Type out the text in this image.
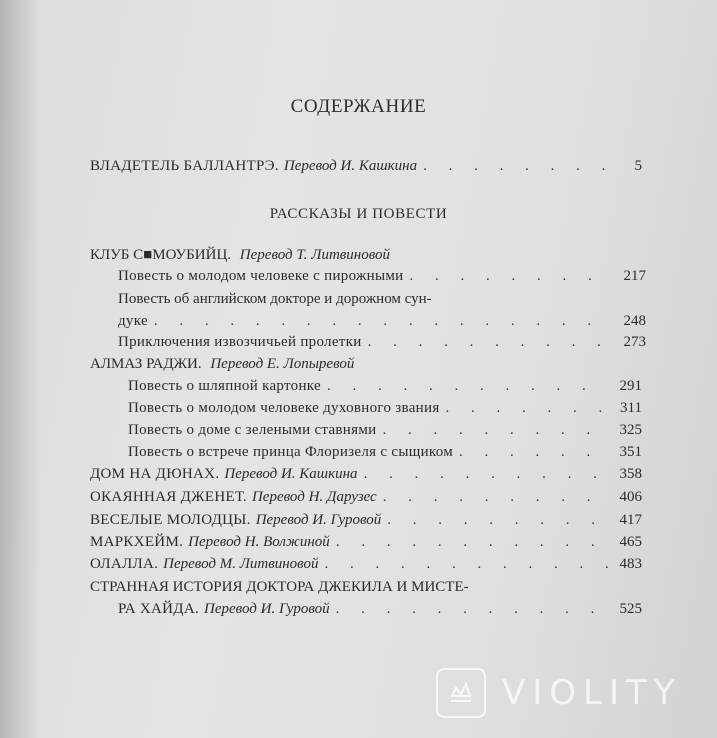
СОДЕРЖАНИЕ
ВЛАДЕТЕЛЬ БАЛЛАНТРЭ. Перевод И. Кашкина . . .	5
РАССКАЗЫ И ПОВЕСТИ
КЛУБ С■МОУБИЙЦ. Перевод Т. Литвиновой
Повесть о молодом человеке с пирожными . . .	217
Повесть об английском докторе и дорожном сун-
дуке . . .	248
Приключения извозчичьей пролетки . . .	273
АЛМАЗ РАДЖИ. Перевод Е. Лопыревой
Повесть о шляпной картонке . . .	291
Повесть о молодом человеке духовного звания . . .	311
Повесть о доме с зелеными ставнями . . .	325
Повесть о встрече принца Флоризеля с сыщиком . . .	351
ДОМ НА ДЮНАХ. Перевод И. Кашкина . . .	358
ОКАЯННАЯ ДЖЕНЕТ. Перевод Н. Дарузес . . .	406
ВЕСЕЛЫЕ МОЛОДЦЫ. Перевод И. Гуровой . . .	417
МАРКХЕЙМ. Перевод Н. Волжиной . . .	465
ОЛАЛЛА. Перевод М. Литвиновой . . .	483
СТРАННАЯ ИСТОРИЯ ДОКТОРА ДЖЕКИЛА И МИСТЕ-
РА ХАЙДА. Перевод И. Гуровой . . .	525
VIOLITY
